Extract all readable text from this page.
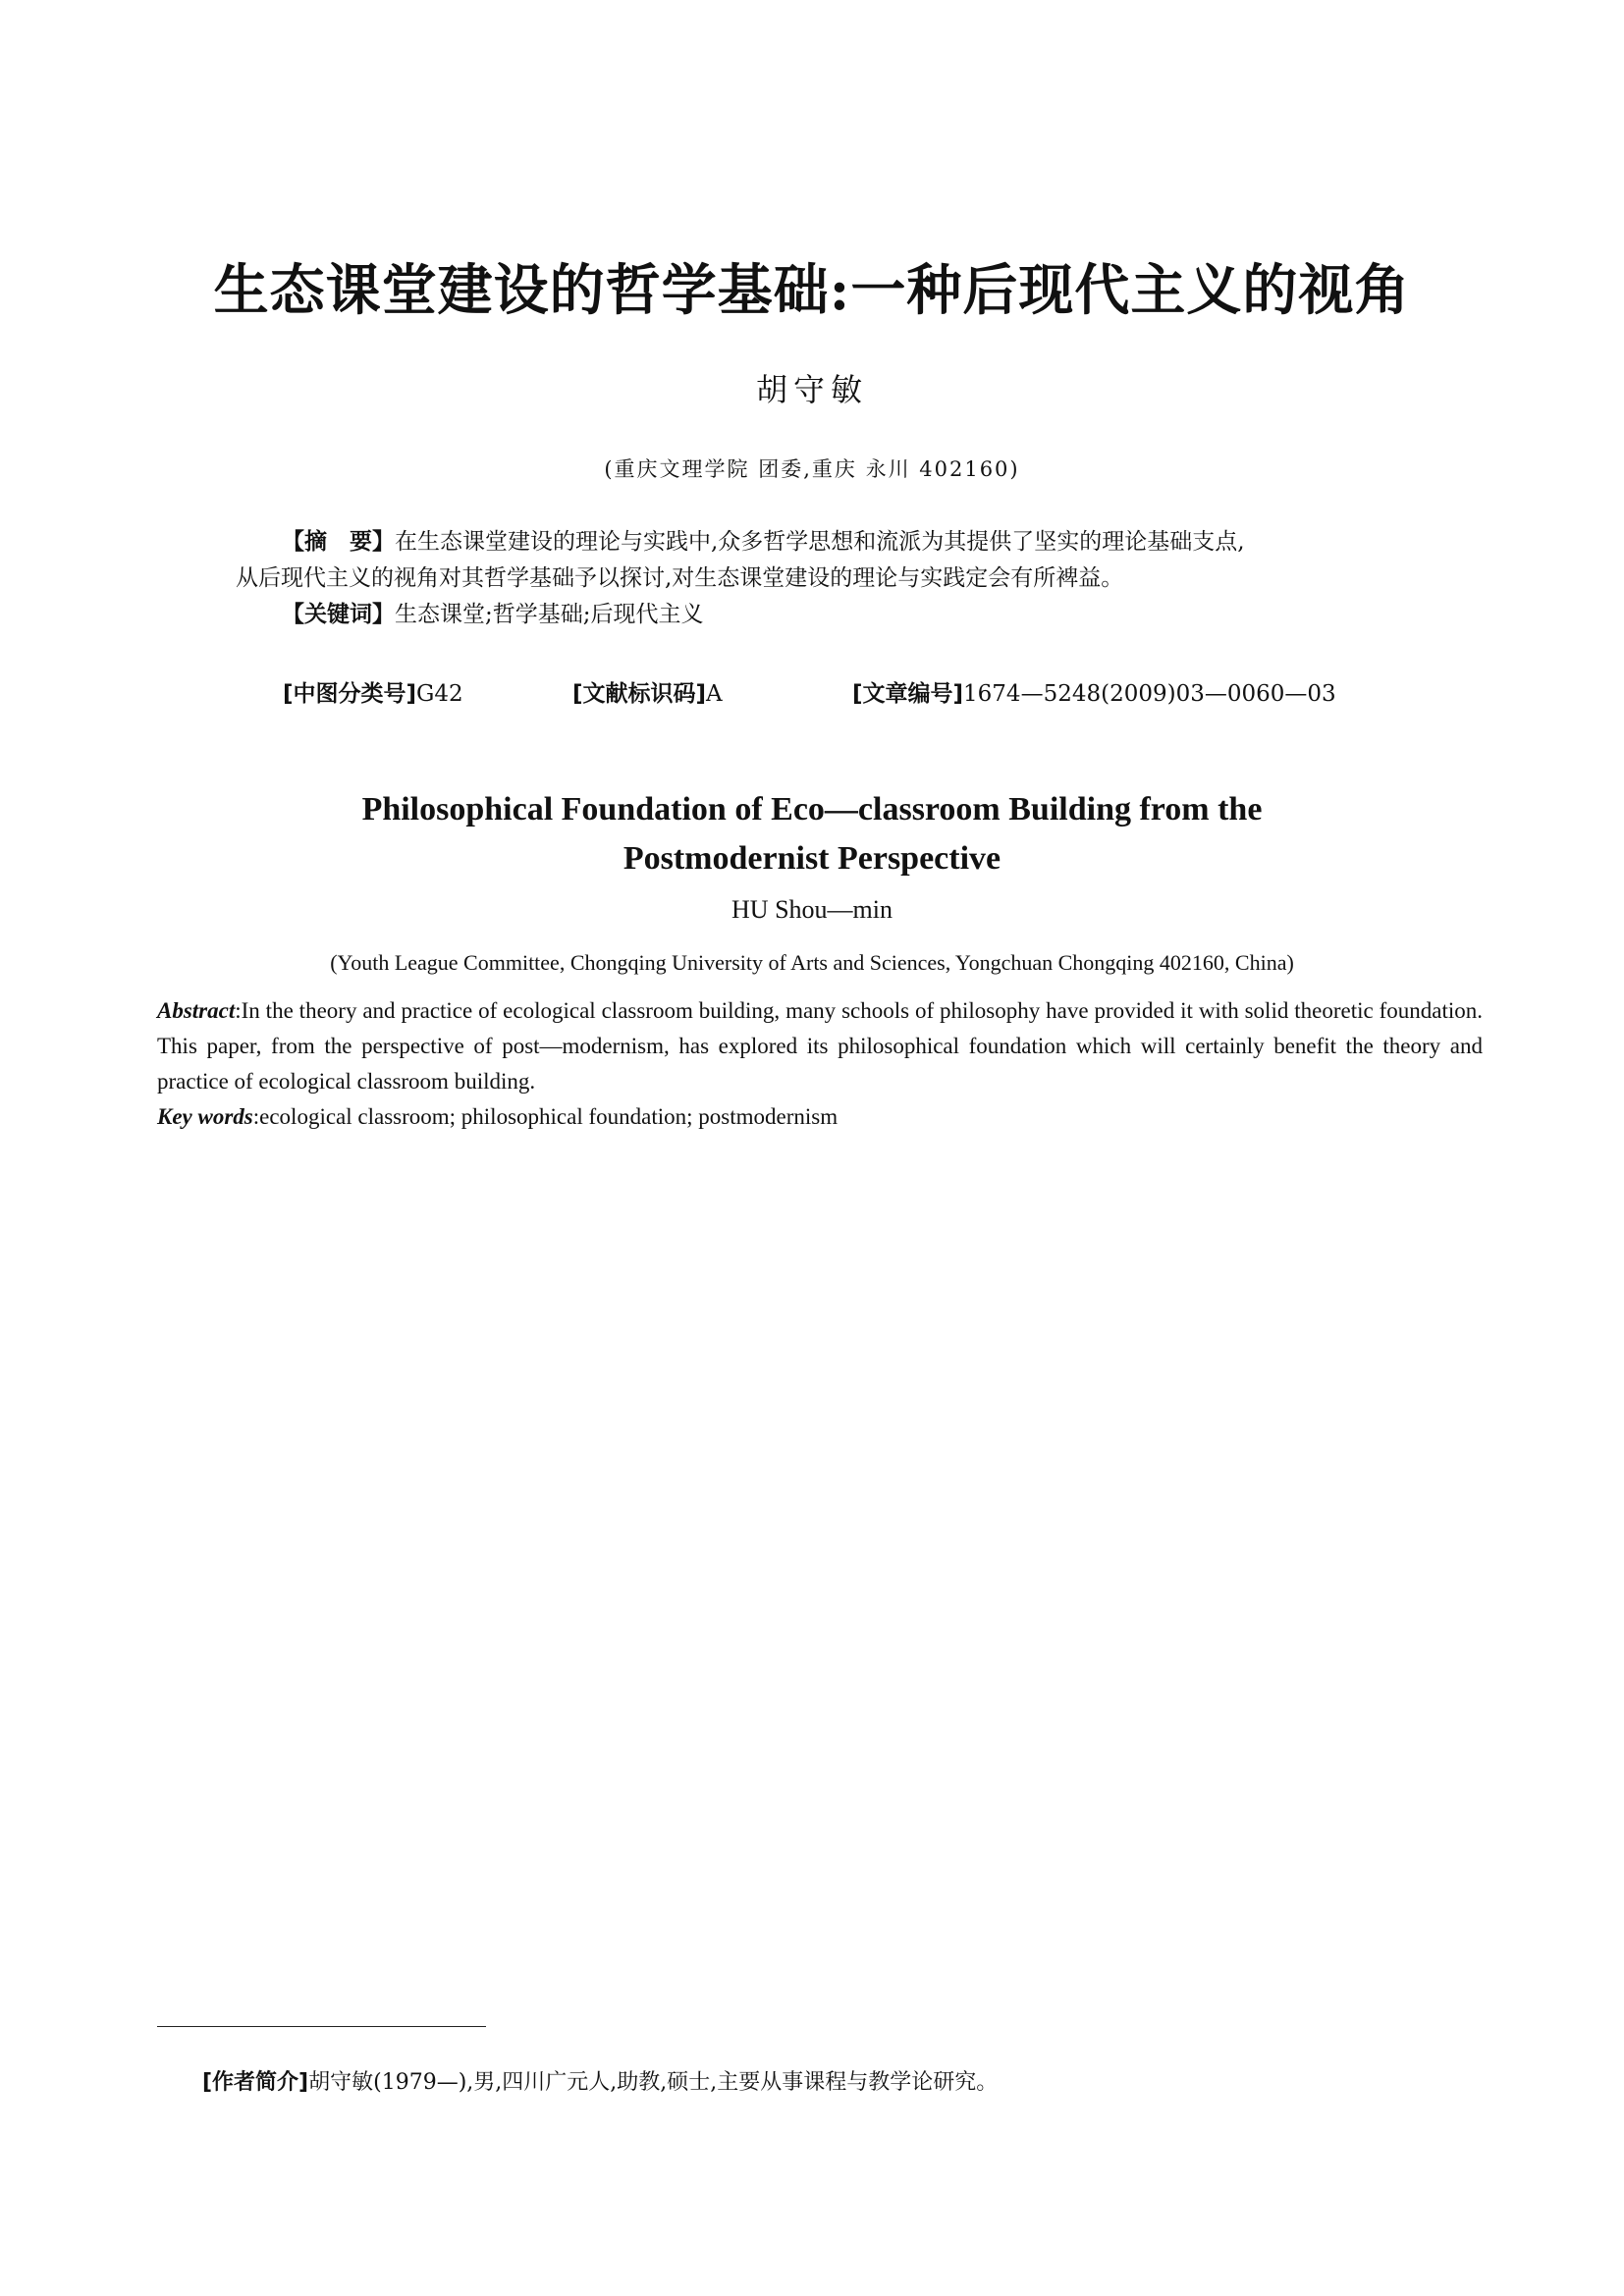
生态课堂建设的哲学基础:一种后现代主义的视角
胡守敏
(重庆文理学院 团委,重庆 永川 402160)

【摘　要】在生态课堂建设的理论与实践中,众多哲学思想和流派为其提供了坚实的理论基础支点,

从后现代主义的视角对其哲学基础予以探讨,对生态课堂建设的理论与实践定会有所裨益。

【关键词】生态课堂;哲学基础;后现代主义

[中图分类号]G42	[文献标识码]A	[文章编号]1674—5248(2009)03—0060—03
Philosophical Foundation of Eco—classroom Building from the
Postmodernist Perspective
HU Shou—min
(Youth League Committee, Chongqing University of Arts and Sciences, Yongchuan Chongqing 402160, China)

Abstract:In the theory and practice of ecological classroom building, many schools of philosophy have provided it with solid theoretic foundation. This paper, from the perspective of post—modernism, has explored its philosophical foundation which will certainly benefit the theory and practice of ecological classroom building.

Key words:ecological classroom; philosophical foundation; postmodernism

[作者简介]胡守敏(1979—),男,四川广元人,助教,硕士,主要从事课程与教学论研究。
